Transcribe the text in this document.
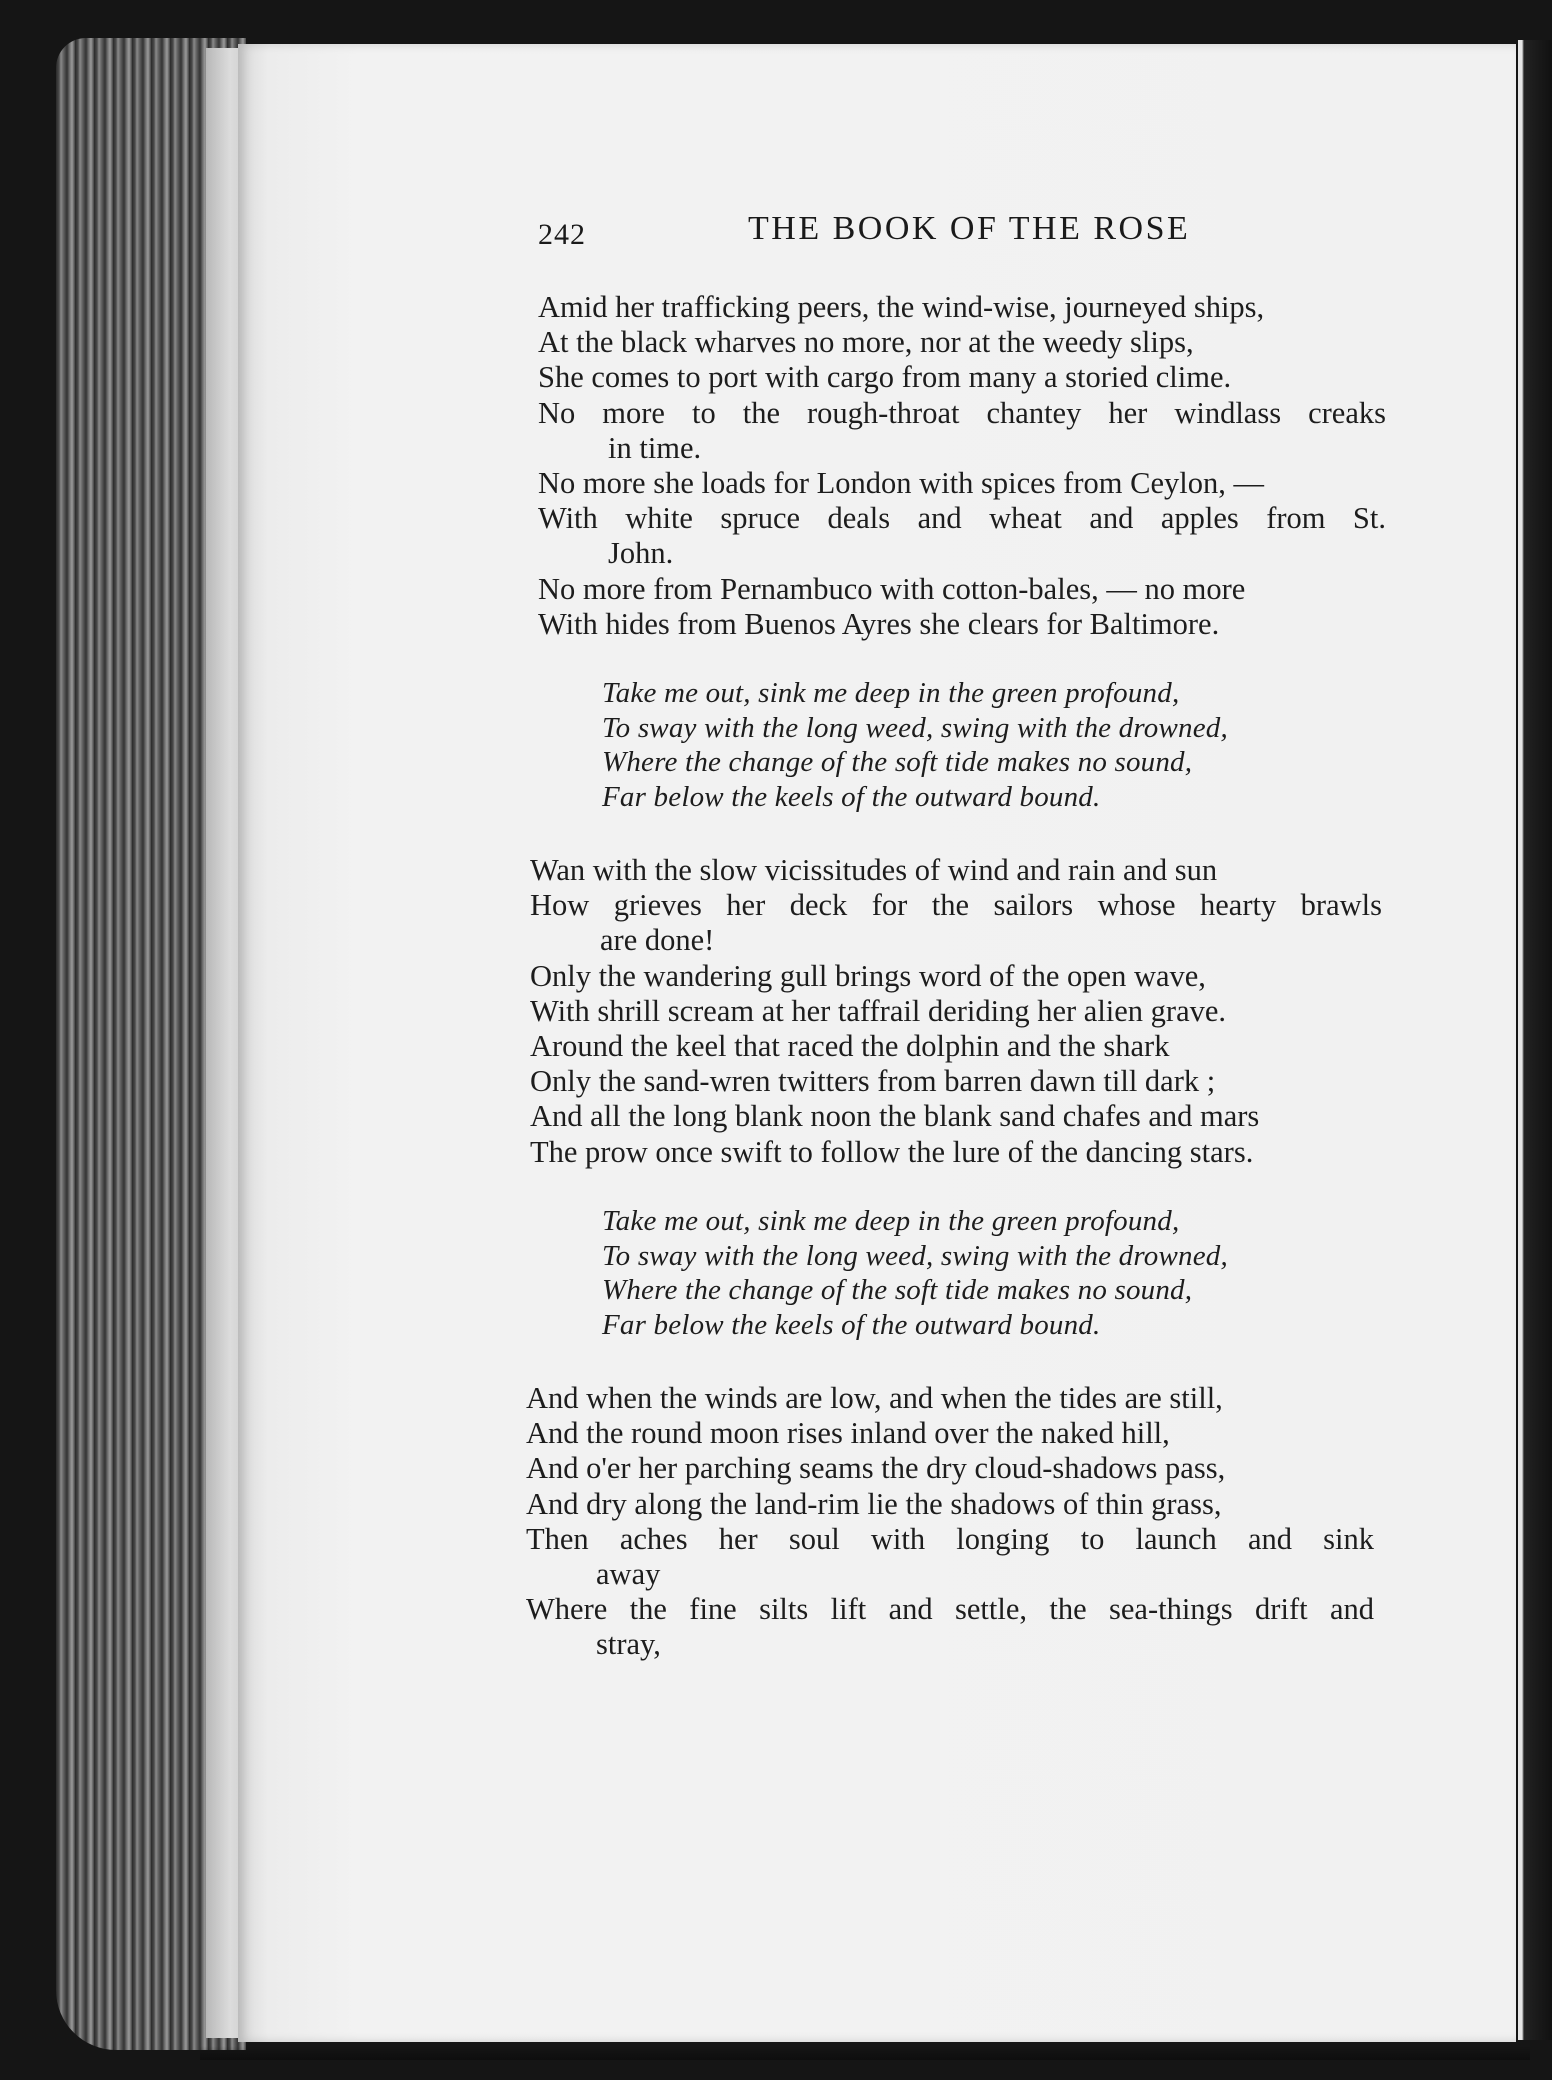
242	THE BOOK OF THE ROSE
Amid her trafficking peers, the wind-wise, journeyed ships,
At the black wharves no more, nor at the weedy slips,
She comes to port with cargo from many a storied clime.
No more to the rough-throat chantey her windlass creaks
in time.
No more she loads for London with spices from Ceylon, —
With white spruce deals and wheat and apples from St.
John.
No more from Pernambuco with cotton-bales, — no more
With hides from Buenos Ayres she clears for Baltimore.
Take me out, sink me deep in the green profound,
To sway with the long weed, swing with the drowned,
Where the change of the soft tide makes no sound,
Far below the keels of the outward bound.
Wan with the slow vicissitudes of wind and rain and sun
How grieves her deck for the sailors whose hearty brawls
are done!
Only the wandering gull brings word of the open wave,
With shrill scream at her taffrail deriding her alien grave.
Around the keel that raced the dolphin and the shark
Only the sand-wren twitters from barren dawn till dark ;
And all the long blank noon the blank sand chafes and mars
The prow once swift to follow the lure of the dancing stars.
Take me out, sink me deep in the green profound,
To sway with the long weed, swing with the drowned,
Where the change of the soft tide makes no sound,
Far below the keels of the outward bound.
And when the winds are low, and when the tides are still,
And the round moon rises inland over the naked hill,
And o'er her parching seams the dry cloud-shadows pass,
And dry along the land-rim lie the shadows of thin grass,
Then aches her soul with longing to launch and sink
away
Where the fine silts lift and settle, the sea-things drift and
stray,
